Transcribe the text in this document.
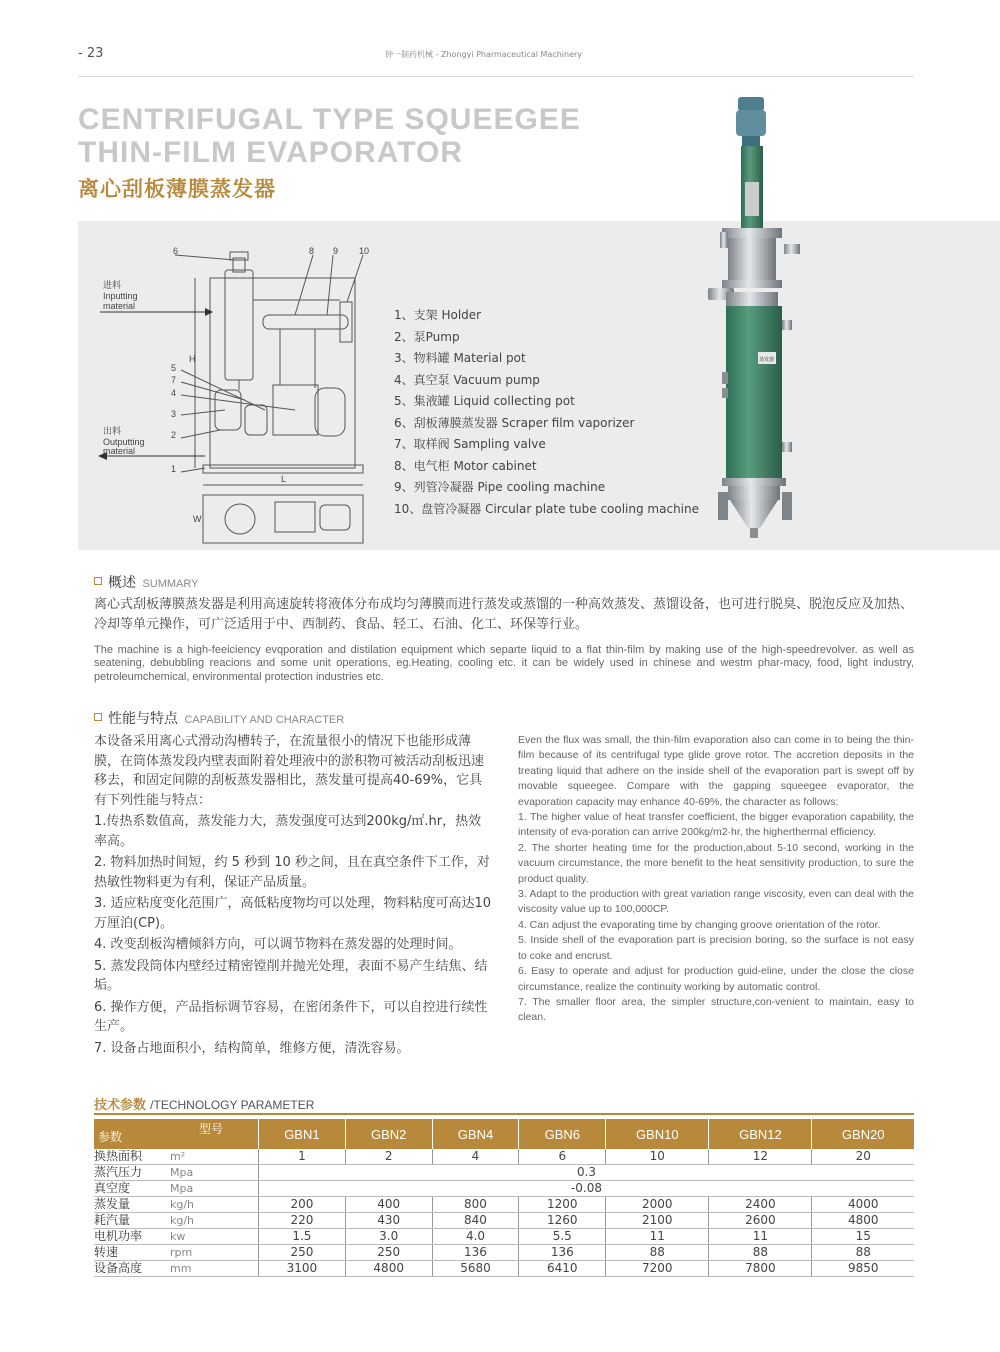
- 23	钟一制药机械 - Zhongyi Pharmaceutical Machinery
CENTRIFUGAL TYPE SQUEEGEE
THIN-FILM EVAPORATOR
离心刮板薄膜蒸发器
进料
Inputting
material
出料
Outputting
material
1
2
3
4
5
6
7
8 9 10
H
L
W
1、支架 Holder
2、泵Pump
3、物料罐 Material pot
4、真空泵 Vacuum pump
5、集液罐 Liquid collecting pot
6、刮板薄膜蒸发器 Scraper film vaporizer
7、取样阀 Sampling valve
8、电气柜 Motor cabinet
9、列管冷凝器 Pipe cooling machine
10、盘管冷凝器 Circular plate tube cooling machine
蒸发器
概述 SUMMARY
离心式刮板薄膜蒸发器是利用高速旋转将液体分布成均匀薄膜而进行蒸发或蒸馏的一种高效蒸发、蒸馏设备，也可进行脱臭、脱泡反应及加热、冷却等单元操作，可广泛适用于中、西制药、食品、轻工、石油、化工、环保等行业。
The machine is a high-feeiciency evqporation and distilation equipment which separte liquid to a flat thin-film by making use of the high-speedrevolver. as well as seatening, debubbling reacions and some unit operations, eg.Heating, cooling etc. it can be widely used in chinese and westm phar-macy, food, light industry, petroleumchemical, environmental protection industries etc.
性能与特点 CAPABILITY AND CHARACTER

本设备采用离心式滑动沟槽转子，在流量很小的情况下也能形成薄膜，在筒体蒸发段内壁表面附着处理液中的淤积物可被活动刮板迅速移去，和固定间隙的刮板蒸发器相比，蒸发量可提高40-69%，它具有下列性能与特点：

1.传热系数值高，蒸发能力大，蒸发强度可达到200kg/㎡.hr，热效率高。

2. 物料加热时间短，约 5 秒到 10 秒之间，且在真空条件下工作，对热敏性物料更为有利，保证产品质量。

3. 适应粘度变化范围广，高低粘度物均可以处理，物料粘度可高达10万厘泊(CP)。

4. 改变刮板沟槽倾斜方向，可以调节物料在蒸发器的处理时间。

5. 蒸发段筒体内壁经过精密镗削并抛光处理，表面不易产生结焦、结垢。

6. 操作方便，产品指标调节容易，在密闭条件下，可以自控进行续性生产。

7. 设备占地面积小，结构简单，维修方便，清洗容易。

Even the flux was small, the thin-film evaporation also can come in to being the thin-film because of its centrifugal type glide grove rotor. The accretion deposits in the treating liquid that adhere on the inside shell of the evaporation part is swept off by movable squeegee. Compare with the gapping squeegee evaporator, the evaporation capacity may enhance 40-69%, the character as follows:

1. The higher value of heat transfer coefficient, the bigger evaporation capability, the intensity of eva-poration can arrive 200kg/m2·hr, the higherthermal efficiency.

2. The shorter heating time for the production,about 5-10 second, working in the vacuum circumstance, the more benefit to the heat sensitivity production, to sure the product quality.

3. Adapt to the production with great variation range viscosity, even can deal with the viscosity value up to 100,000CP.

4. Can adjust the evaporating time by changing groove orientation of the rotor.

5. Inside shell of the evaporation part is precision boring, so the surface is not easy to coke and encrust.

6. Easy to operate and adjust for production guid-eline, under the close the close circumstance, realize the continuity working by automatic control.

7. The smaller floor area, the simpler structure,con-venient to maintain, easy to clean.

技术参数 /TECHNOLOGY PARAMETER
参数
型号		GBN1	GBN2	GBN4	GBN6	GBN10	GBN12	GBN20
换热面积	m²	1	2	4	6	10	12	20
蒸汽压力	Mpa	0.3						
真空度	Mpa	-0.08						
蒸发量	kg/h	200	400	800	1200	2000	2400	4000
耗汽量	kg/h	220	430	840	1260	2100	2600	4800
电机功率	kw	1.5	3.0	4.0	5.5	11	11	15
转速	rpm	250	250	136	136	88	88	88
设备高度	mm	3100	4800	5680	6410	7200	7800	9850
